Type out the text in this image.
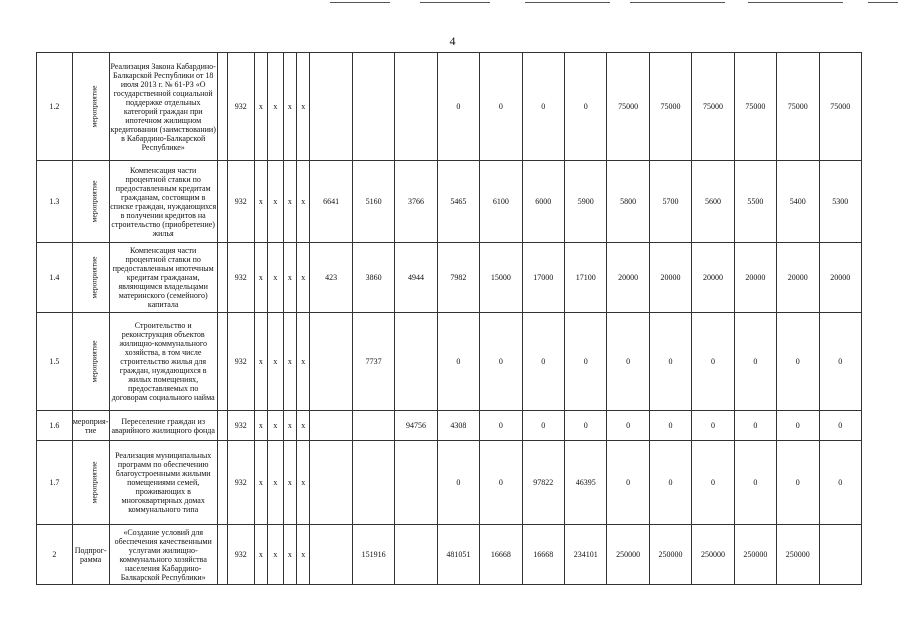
4
1.2	мероприятие	Реализация Закона Кабардино-Балкарской Республики от 18 июля 2013 г. № 61-РЗ «О государственной социальной поддержке отдельных категорий граждан при ипотечном жилищном кредитовании (заимствовании) в Кабардино-Балкарской Республике»		932	х	х	х	х				0	0	0	0	75000	75000	75000	75000	75000	75000
1.3	мероприятие	Компенсация части процентной ставки по предоставленным кредитам гражданам, состоящим в списке граждан, нуждающихся в получении кредитов на строительство (приобретение) жилья		932	х	х	х	х	6641	5160	3766	5465	6100	6000	5900	5800	5700	5600	5500	5400	5300
1.4	мероприятие	Компенсация части процентной ставки по предоставленным ипотечным кредитам гражданам, являющимся владельцами материнского (семейного) капитала		932	х	х	х	х	423	3860	4944	7982	15000	17000	17100	20000	20000	20000	20000	20000	20000
1.5	мероприятие	Строительство и реконструкция объектов жилищно-коммунального хозяйства, в том числе строительство жилья для граждан, нуждающихся в жилых помещениях, предоставляемых по договорам социального найма		932	х	х	х	х		7737		0	0	0	0	0	0	0	0	0	0
1.6	мероприя-тие	Переселение граждан из аварийного жилищного фонда		932	х	х	х	х			94756	4308	0	0	0	0	0	0	0	0	0
1.7	мероприятие	Реализация муниципальных программ по обеспечению благоустроенными жилыми помещениями семей, проживающих в многоквартирных домах коммунального типа		932	х	х	х	х				0	0	97822	46395	0	0	0	0	0	0
2	Подпрог-рамма	«Создание условий для обеспечения качественными услугами жилищно-коммунального хозяйства населения Кабардино-Балкарской Республики»		932	х	х	х	х		151916		481051	16668	16668	234101	250000	250000	250000	250000	250000	
